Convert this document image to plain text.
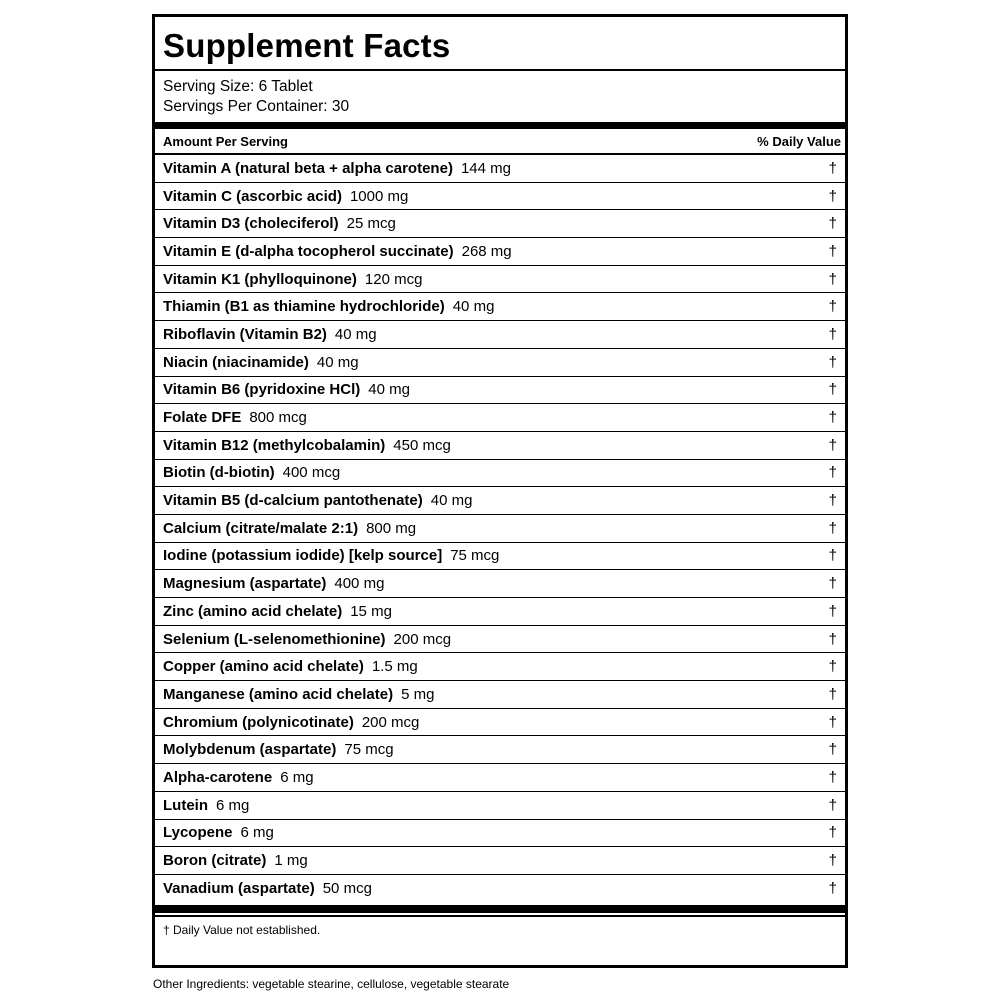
Supplement Facts
Serving Size: 6 Tablet
Servings Per Container: 30
Amount Per Serving	% Daily Value
Vitamin A (natural beta + alpha carotene) 144 mg	†
Vitamin C (ascorbic acid) 1000 mg	†
Vitamin D3 (choleciferol) 25 mcg	†
Vitamin E (d-alpha tocopherol succinate) 268 mg	†
Vitamin K1 (phylloquinone) 120 mcg	†
Thiamin (B1 as thiamine hydrochloride) 40 mg	†
Riboflavin (Vitamin B2) 40 mg	†
Niacin (niacinamide) 40 mg	†
Vitamin B6 (pyridoxine HCl) 40 mg	†
Folate DFE 800 mcg	†
Vitamin B12 (methylcobalamin) 450 mcg	†
Biotin (d-biotin) 400 mcg	†
Vitamin B5 (d-calcium pantothenate) 40 mg	†
Calcium (citrate/malate 2:1) 800 mg	†
Iodine (potassium iodide) [kelp source] 75 mcg	†
Magnesium (aspartate) 400 mg	†
Zinc (amino acid chelate) 15 mg	†
Selenium (L-selenomethionine) 200 mcg	†
Copper (amino acid chelate) 1.5 mg	†
Manganese (amino acid chelate) 5 mg	†
Chromium (polynicotinate) 200 mcg	†
Molybdenum (aspartate) 75 mcg	†
Alpha-carotene 6 mg	†
Lutein 6 mg	†
Lycopene 6 mg	†
Boron (citrate) 1 mg	†
Vanadium (aspartate) 50 mcg	†
† Daily Value not established.
Other Ingredients: vegetable stearine, cellulose, vegetable stearate
